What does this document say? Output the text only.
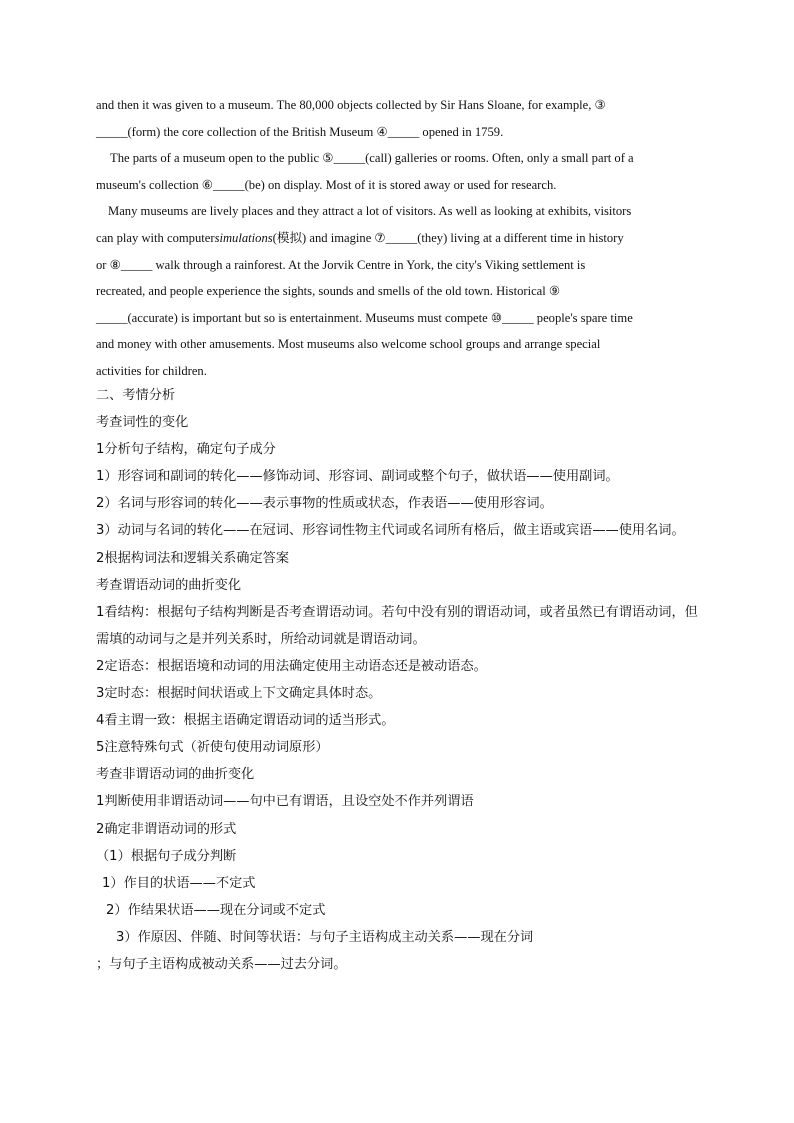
and then it was given to a museum. The 80,000 objects collected by Sir Hans Sloane, for example, ③

_____(form) the core collection of the British Museum ④_____ opened in 1759.

The parts of a museum open to the public ⑤_____(call) galleries or rooms. Often, only a small part of a

museum's collection ⑥_____(be) on display. Most of it is stored away or used for research.

Many museums are lively places and they attract a lot of visitors. As well as looking at exhibits, visitors

can play with computersimulations(模拟) and imagine ⑦_____(they) living at a different time in history

or ⑧_____ walk through a rainforest. At the Jorvik Centre in York, the city's Viking settlement is

recreated, and people experience the sights, sounds and smells of the old town. Historical ⑨

_____(accurate) is important but so is entertainment. Museums must compete ⑩_____ people's spare time

and money with other amusements. Most museums also welcome school groups and arrange special

activities for children.

二、考情分析

考查词性的变化

1分析句子结构，确定句子成分

1）形容词和副词的转化——修饰动词、形容词、副词或整个句子，做状语——使用副词。

2）名词与形容词的转化——表示事物的性质或状态，作表语——使用形容词。

3）动词与名词的转化——在冠词、形容词性物主代词或名词所有格后，做主语或宾语——使用名词。

2根据构词法和逻辑关系确定答案

考查谓语动词的曲折变化

1看结构：根据句子结构判断是否考查谓语动词。若句中没有别的谓语动词，或者虽然已有谓语动词，但需填的动词与之是并列关系时，所给动词就是谓语动词。

2定语态：根据语境和动词的用法确定使用主动语态还是被动语态。

3定时态：根据时间状语或上下文确定具体时态。

4看主谓一致：根据主语确定谓语动词的适当形式。

5注意特殊句式（祈使句使用动词原形）

考查非谓语动词的曲折变化

1判断使用非谓语动词——句中已有谓语，且设空处不作并列谓语

2确定非谓语动词的形式

（1）根据句子成分判断

1）作目的状语——不定式

2）作结果状语——现在分词或不定式

3）作原因、伴随、时间等状语：与句子主语构成主动关系——现在分词

；与句子主语构成被动关系——过去分词。
